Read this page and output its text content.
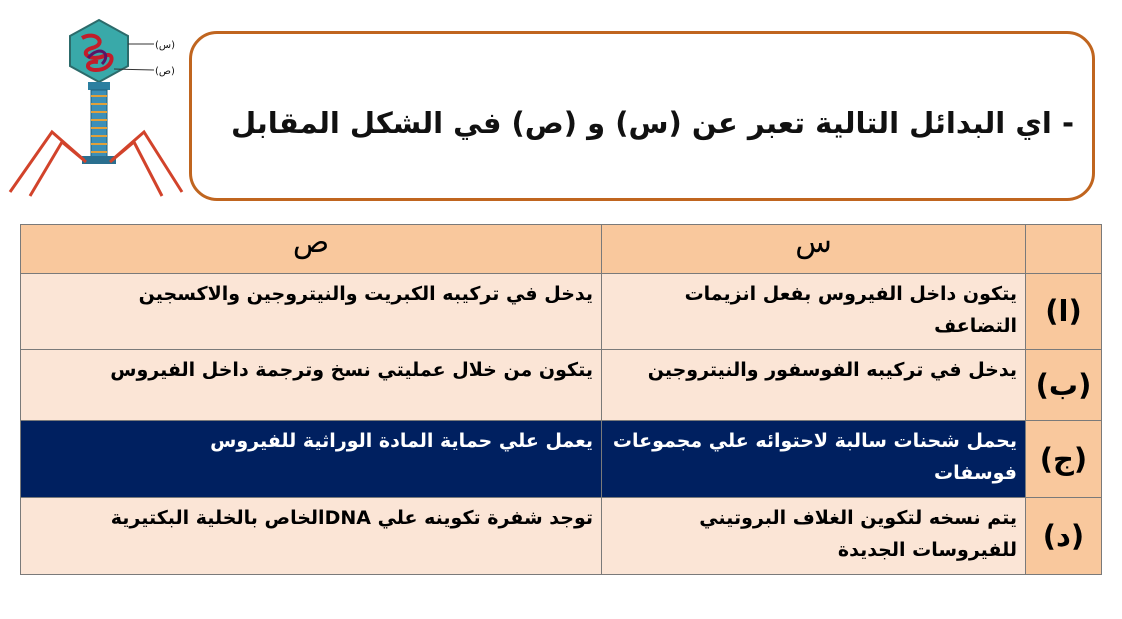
(س)
(ص)
- اي البدائل التالية تعبر عن (س) و (ص) في الشكل المقابل
	س	ص
(ا)	يتكون داخل الفيروس بفعل انزيمات التضاعف	يدخل في تركيبه الكبريت والنيتروجين والاكسجين
(ب)	يدخل في تركيبه الفوسفور والنيتروجين	يتكون من خلال عمليتي نسخ وترجمة داخل الفيروس
(ج)	يحمل شحنات سالبة لاحتوائه علي مجموعات فوسفات	يعمل علي حماية المادة الوراثية للفيروس
(د)	يتم نسخه لتكوين الغلاف البروتيني للفيروسات الجديدة	توجد شفرة تكوينه علي DNAالخاص بالخلية البكتيرية
